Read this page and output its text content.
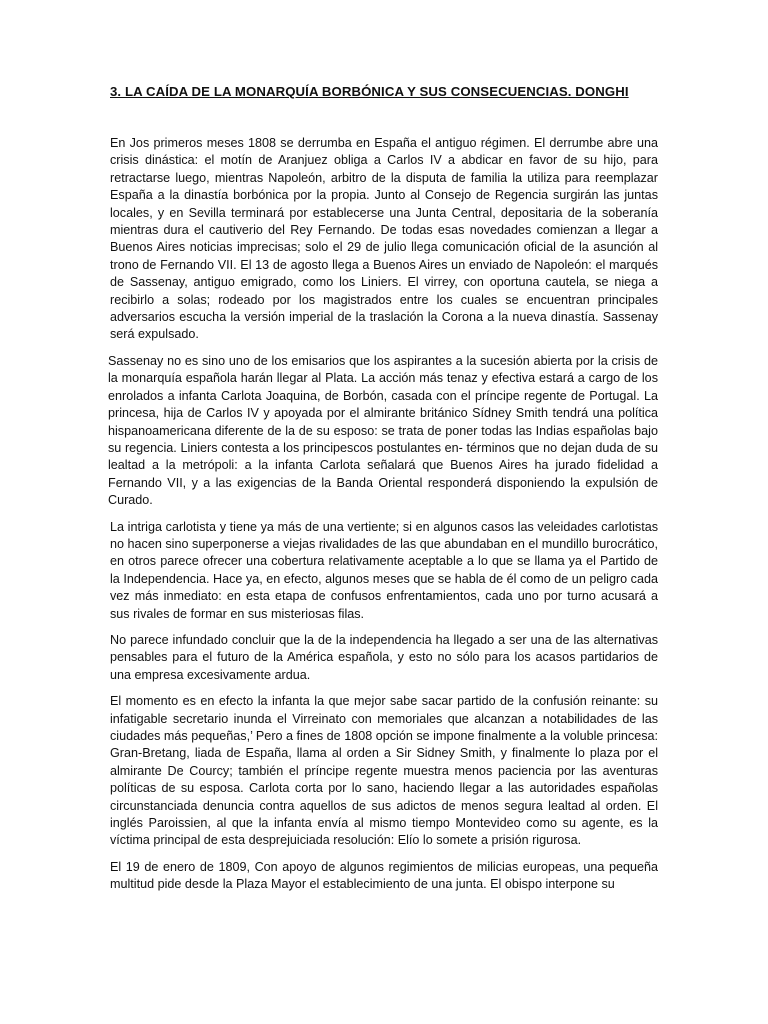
3. LA CAÍDA DE LA MONARQUÍA BORBÓNICA Y SUS CONSECUENCIAS. DONGHI

En Jos primeros meses 1808 se derrumba en España el antiguo régimen. El derrumbe abre una crisis dinástica: el motín de Aranjuez obliga a Carlos IV a abdicar en favor de su hijo, para retractarse luego, mientras Napoleón, arbitro de la disputa de familia la utiliza para reemplazar España a la dinastía borbónica por la propia. Junto al Consejo de Regencia surgirán las juntas locales, y en Sevilla terminará por establecerse una Junta Central, depositaria de la soberanía mientras dura el cautiverio del Rey Fernando. De todas esas novedades comienzan a llegar a Buenos Aires noticias imprecisas; solo el 29 de julio llega comunicación oficial de la asunción al trono de Fernando VII. El 13 de agosto llega a Buenos Aires un enviado de Napoleón: el marqués de Sassenay, antiguo emigrado, como los Liniers. El virrey, con oportuna cautela, se niega a recibirlo a solas; rodeado por los magistrados entre los cuales se encuentran principales adversarios escucha la versión imperial de la traslación la Corona a la nueva dinastía. Sassenay será expulsado.

Sassenay no es sino uno de los emisarios que los aspirantes a la sucesión abierta por la crisis de la monarquía española harán llegar al Plata. La acción más tenaz y efectiva estará a cargo de los enrolados a infanta Carlota Joaquina, de Borbón, casada con el príncipe regente de Portugal. La princesa, hija de Carlos IV y apoyada por el almirante británico Sídney Smith tendrá una política hispanoamericana diferente de la de su esposo: se trata de poner todas las Indias españolas bajo su regencia. Liniers contesta a los principescos postulantes en- términos que no dejan duda de su lealtad a la metrópoli: a la infanta Carlota señalará que Buenos Aires ha jurado fidelidad a Fernando VII, y a las exigencias de la Banda Oriental responderá disponiendo la expulsión de Curado.

La intriga carlotista y tiene ya más de una vertiente; si en algunos casos las veleidades carlotistas no hacen sino superponerse a viejas rivalidades de las que abundaban en el mundillo burocrático, en otros parece ofrecer una cobertura relativamente aceptable a lo que se llama ya el Partido de la Independencia. Hace ya, en efecto, algunos meses que se habla de él como de un peligro cada vez más inmediato: en esta etapa de confusos enfrentamientos, cada uno por turno acusará a sus rivales de formar en sus misteriosas filas.

No parece infundado concluir que la de la independencia ha llegado a ser una de las alternativas pensables para el futuro de la América española, y esto no sólo para los acasos partidarios de una empresa excesivamente ardua.

El momento es en efecto la infanta la que mejor sabe sacar partido de la confusión reinante: su infatigable secretario inunda el Virreinato con memoriales que alcanzan a notabilidades de las ciudades más pequeñas,’ Pero a fines de 1808 opción se impone finalmente a la voluble princesa: Gran-Bretang, liada de España, llama al orden a Sir Sidney Smith, y finalmente lo plaza por el almirante De Courcy; también el príncipe regente muestra menos paciencia por las aventuras políticas de su esposa. Carlota corta por lo sano, haciendo llegar a las autoridades españolas circunstanciada denuncia contra aquellos de sus adictos de menos segura lealtad al orden. El inglés Paroissien, al que la infanta envía al mismo tiempo Montevideo como su agente, es la víctima principal de esta desprejuiciada resolución: Elío lo somete a prisión rigurosa.

El 19 de enero de 1809, Con apoyo de algunos regimientos de milicias europeas, una pequeña multitud pide desde la Plaza Mayor el establecimiento de una junta. El obispo interpone su
